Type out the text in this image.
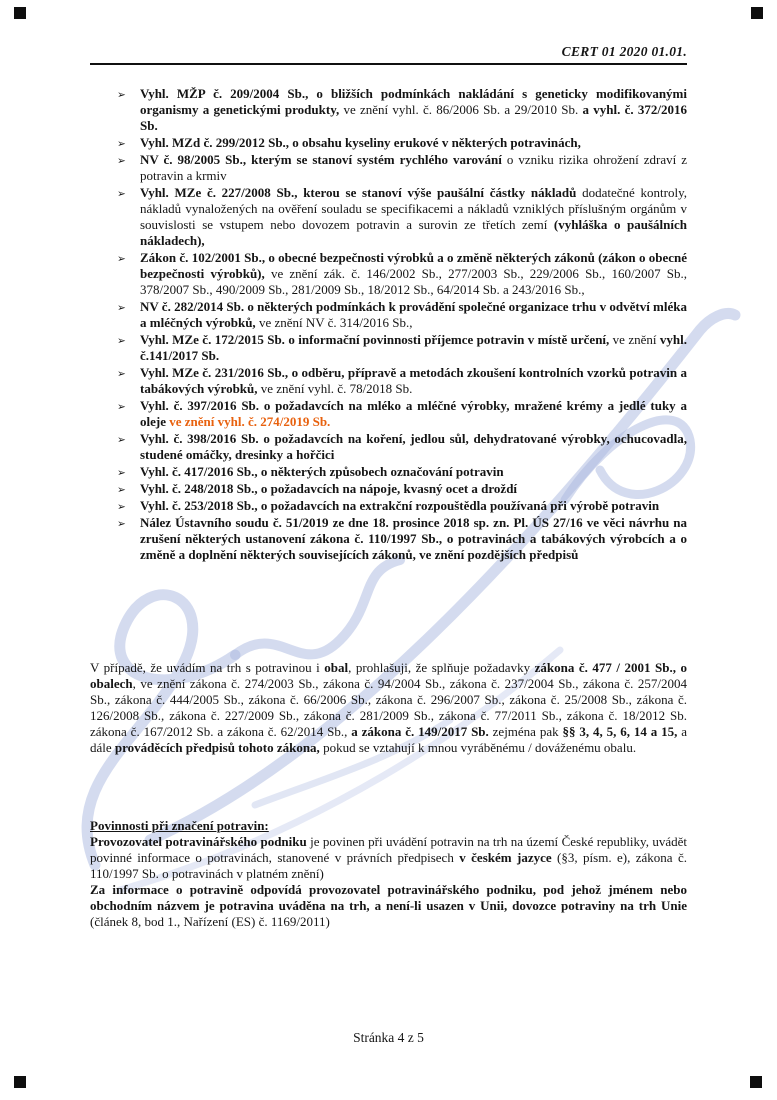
CERT 01 2020 01.01.
➢ Vyhl. MŽP č. 209/2004 Sb., o bližších podmínkách nakládání s geneticky modifikovanými organismy a genetickými produkty, ve znění vyhl. č. 86/2006 Sb. a 29/2010 Sb. a vyhl. č. 372/2016 Sb.
➢ Vyhl. MZd č. 299/2012 Sb., o obsahu kyseliny erukové v některých potravinách,
➢ NV č. 98/2005 Sb., kterým se stanoví systém rychlého varování o vzniku rizika ohrožení zdraví z potravin a krmiv
➢ Vyhl. MZe č. 227/2008 Sb., kterou se stanoví výše paušální částky nákladů dodatečné kontroly, nákladů vynaložených na ověření souladu se specifikacemi a nákladů vzniklých příslušným orgánům v souvislosti se vstupem nebo dovozem potravin a surovin ze třetích zemí (vyhláška o paušálních nákladech),
➢ Zákon č. 102/2001 Sb., o obecné bezpečnosti výrobků a o změně některých zákonů (zákon o obecné bezpečnosti výrobků), ve znění zák. č. 146/2002 Sb., 277/2003 Sb., 229/2006 Sb., 160/2007 Sb., 378/2007 Sb., 490/2009 Sb., 281/2009 Sb., 18/2012 Sb., 64/2014 Sb. a 243/2016 Sb.,
➢ NV č. 282/2014 Sb. o některých podmínkách k provádění společné organizace trhu v odvětví mléka a mléčných výrobků, ve znění NV č. 314/2016 Sb.,
➢ Vyhl. MZe č. 172/2015 Sb. o informační povinnosti příjemce potravin v místě určení, ve znění vyhl. č.141/2017 Sb.
➢ Vyhl. MZe č. 231/2016 Sb., o odběru, přípravě a metodách zkoušení kontrolních vzorků potravin a tabákových výrobků, ve znění vyhl. č. 78/2018 Sb.
➢ Vyhl. č. 397/2016 Sb. o požadavcích na mléko a mléčné výrobky, mražené krémy a jedlé tuky a oleje ve znění vyhl. č. 274/2019 Sb.
➢ Vyhl. č. 398/2016 Sb. o požadavcích na koření, jedlou sůl, dehydratované výrobky, ochucovadla, studené omáčky, dresinky a hořčici
➢ Vyhl. č. 417/2016 Sb., o některých způsobech označování potravin
➢ Vyhl. č. 248/2018 Sb., o požadavcích na nápoje, kvasný ocet a droždí
➢ Vyhl. č. 253/2018 Sb., o požadavcích na extrakční rozpouštědla používaná při výrobě potravin
➢ Nález Ústavního soudu č. 51/2019 ze dne 18. prosince 2018 sp. zn. Pl. ÚS 27/16 ve věci návrhu na zrušení některých ustanovení zákona č. 110/1997 Sb., o potravinách a tabákových výrobcích a o změně a doplnění některých souvisejících zákonů, ve znění pozdějších předpisů

V případě, že uvádím na trh s potravinou i obal, prohlašuji, že splňuje požadavky zákona č. 477 / 2001 Sb., o obalech, ve znění zákona č. 274/2003 Sb., zákona č. 94/2004 Sb., zákona č. 237/2004 Sb., zákona č. 257/2004 Sb., zákona č. 444/2005 Sb., zákona č. 66/2006 Sb., zákona č. 296/2007 Sb., zákona č. 25/2008 Sb., zákona č. 126/2008 Sb., zákona č. 227/2009 Sb., zákona č. 281/2009 Sb., zákona č. 77/2011 Sb., zákona č. 18/2012 Sb. zákona č. 167/2012 Sb. a zákona č. 62/2014 Sb., a zákona č. 149/2017 Sb. zejména pak §§ 3, 4, 5, 6, 14 a 15, a dále prováděcích předpisů tohoto zákona, pokud se vztahují k mnou vyráběnému / dováženému obalu.

Povinnosti při značení potravin:

Provozovatel potravinářského podniku je povinen při uvádění potravin na trh na území České republiky, uvádět povinné informace o potravinách, stanovené v právních předpisech v českém jazyce (§3, písm. e), zákona č. 110/1997 Sb. o potravinách v platném znění)

Za informace o potravině odpovídá provozovatel potravinářského podniku, pod jehož jménem nebo obchodním názvem je potravina uváděna na trh, a není-li usazen v Unii, dovozce potraviny na trh Unie (článek 8, bod 1., Nařízení (ES) č. 1169/2011)

Stránka 4 z 5
